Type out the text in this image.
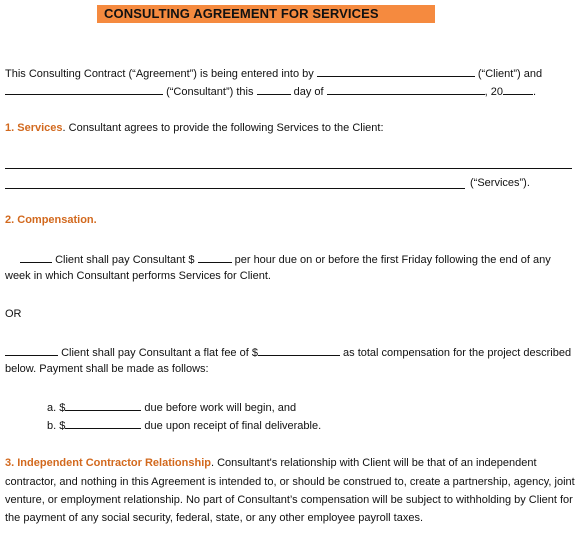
CONSULTING AGREEMENT FOR SERVICES
This Consulting Contract (“Agreement”) is being entered into by	(“Client”) and
(“Consultant”) this	day of	, 20	.
1. Services. Consultant agrees to provide the following Services to the Client:
(“Services”).
2. Compensation.
Client shall pay Consultant $	per hour due on or before the first Friday following the end of any
week in which Consultant performs Services for Client.
OR
Client shall pay Consultant a flat fee of $	as total compensation for the project described
below. Payment shall be made as follows:
a. $	due before work will begin, and
b. $	due upon receipt of final deliverable.
3. Independent Contractor Relationship. Consultant's relationship with Client will be that of an independent
contractor, and nothing in this Agreement is intended to, or should be construed to, create a partnership, agency, joint
venture, or employment relationship. No part of Consultant’s compensation will be subject to withholding by Client for
the payment of any social security, federal, state, or any other employee payroll taxes.
